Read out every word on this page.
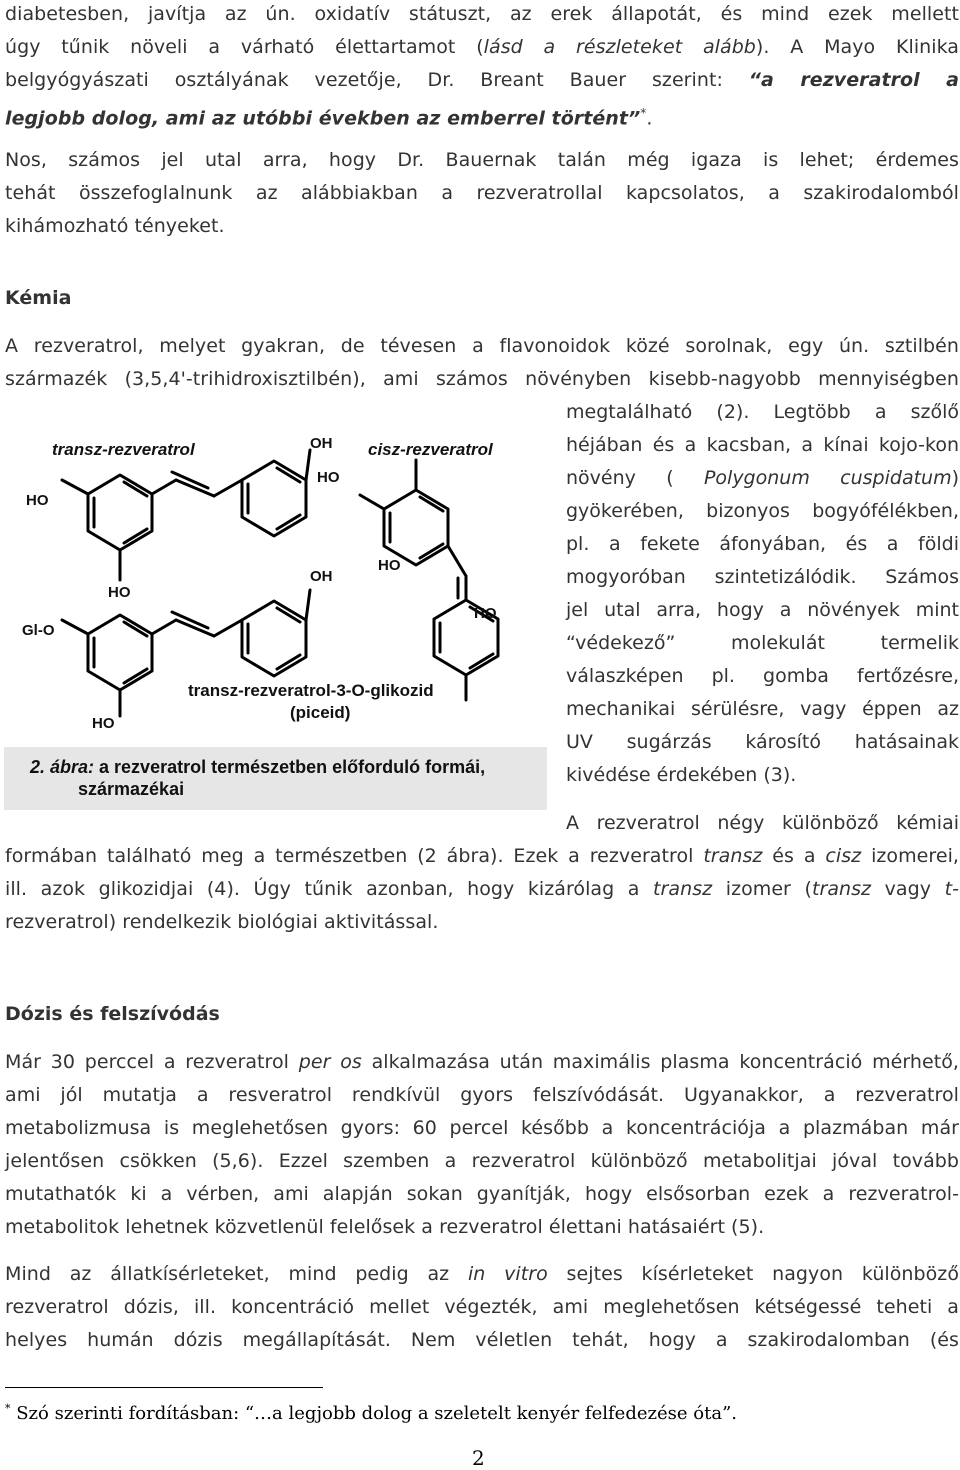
diabetesben, javítja az ún. oxidatív státuszt, az erek állapotát, és mind ezek mellett
úgy tűnik növeli a várható élettartamot (lásd a részleteket alább). A Mayo Klinika
belgyógyászati osztályának vezetője, Dr. Breant Bauer szerint: “a rezveratrol a
legjobb dolog, ami az utóbbi években az emberrel történt”*.
Nos, számos jel utal arra, hogy Dr. Bauernak talán még igaza is lehet; érdemes
tehát összefoglalnunk az alábbiakban a rezveratrollal kapcsolatos, a szakirodalomból
kihámozható tényeket.
Kémia
A rezveratrol, melyet gyakran, de tévesen a flavonoidok közé sorolnak, egy ún. sztilbén
származék (3,5,4'-trihidroxisztilbén), ami számos növényben kisebb-nagyobb mennyiségben
megtalálható (2). Legtöbb a szőlő
héjában és a kacsban, a kínai kojo-kon
növény ( Polygonum cuspidatum)
gyökerében, bizonyos bogyófélékben,
pl. a fekete áfonyában, és a földi
mogyoróban szintetizálódik. Számos
jel utal arra, hogy a növények mint
“védekező” molekulát termelik
válaszképen pl. gomba fertőzésre,
mechanikai sérülésre, vagy éppen az
UV sugárzás károsító hatásainak
kivédése érdekében (3).
A rezveratrol négy különböző kémiai
formában található meg a természetben (2 ábra). Ezek a rezveratrol transz és a cisz izomerei,
ill. azok glikozidjai (4). Úgy tűnik azonban, hogy kizárólag a transz izomer (transz vagy t-
rezveratrol) rendelkezik biológiai aktivitással.
transz-rezveratrol	cisz-rezveratrol
transz-rezveratrol-3-O-glikozid
(piceid)
HO
HO
OH
HO
HO
HO
Gl-O
HO
OH
2. ábra: a rezveratrol természetben előforduló formái,
származékai
Dózis és felszívódás
Már 30 perccel a rezveratrol per os alkalmazása után maximális plasma koncentráció mérhető,
ami jól mutatja a resveratrol rendkívül gyors felszívódását. Ugyanakkor, a rezveratrol
metabolizmusa is meglehetősen gyors: 60 percel később a koncentrációja a plazmában már
jelentősen csökken (5,6). Ezzel szemben a rezveratrol különböző metabolitjai jóval tovább
mutathatók ki a vérben, ami alapján sokan gyanítják, hogy elsősorban ezek a rezveratrol-
metabolitok lehetnek közvetlenül felelősek a rezveratrol élettani hatásaiért (5).
Mind az állatkísérleteket, mind pedig az in vitro sejtes kísérleteket nagyon különböző
rezveratrol dózis, ill. koncentráció mellet végezték, ami meglehetősen kétségessé teheti a
helyes humán dózis megállapítását. Nem véletlen tehát, hogy a szakirodalomban (és
* Szó szerinti fordításban: “…a legjobb dolog a szeletelt kenyér felfedezése óta”.
2
